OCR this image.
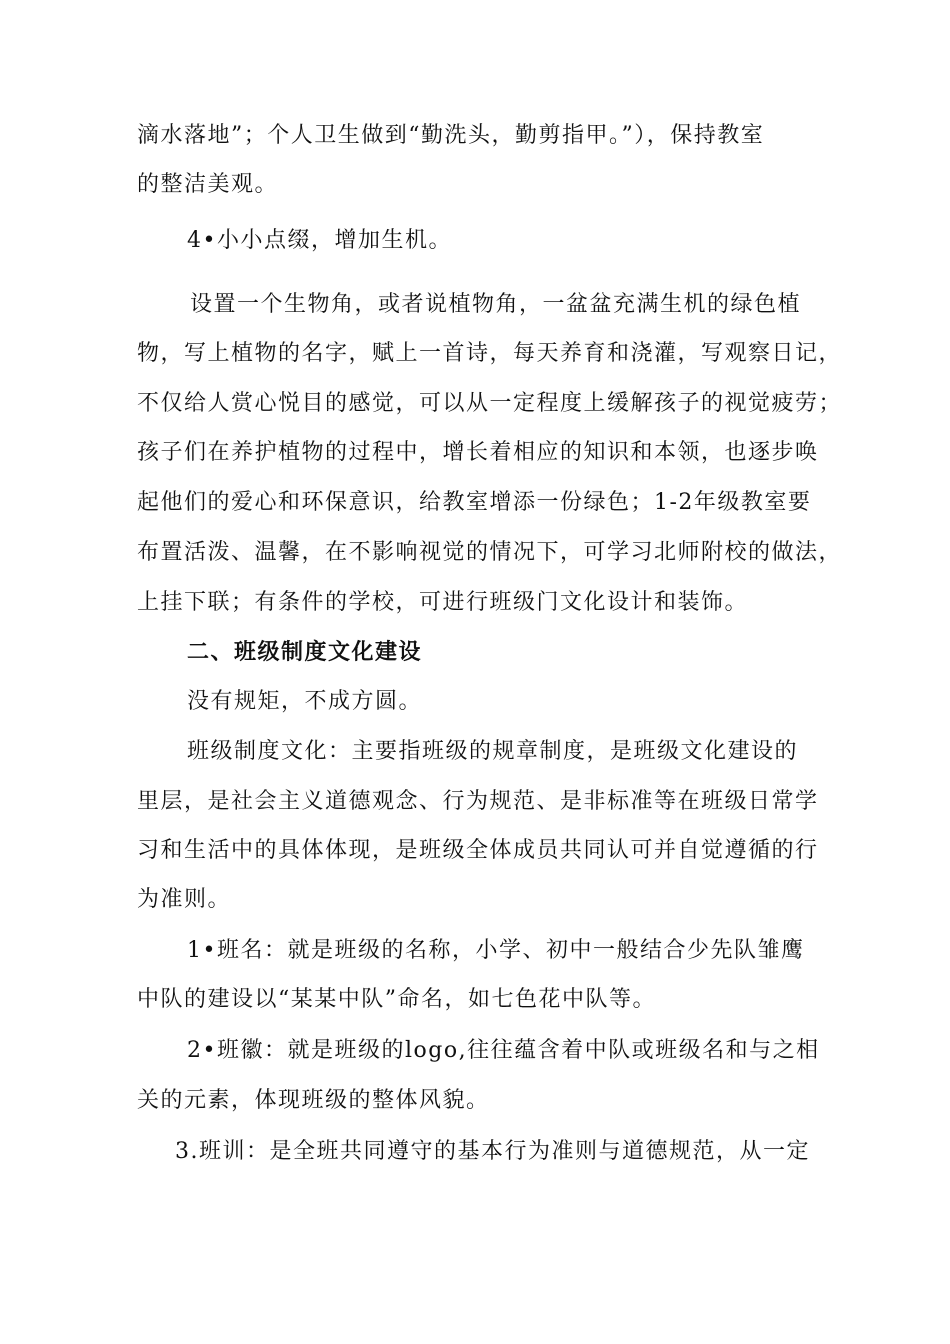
滴水落地”；个人卫生做到“勤洗头，勤剪指甲。”），保持教室
的整洁美观。
4•小小点缀，增加生机。
设置一个生物角，或者说植物角，一盆盆充满生机的绿色植
物，写上植物的名字，赋上一首诗，每天养育和浇灌，写观察日记，
不仅给人赏心悦目的感觉，可以从一定程度上缓解孩子的视觉疲劳；
孩子们在养护植物的过程中，增长着相应的知识和本领，也逐步唤
起他们的爱心和环保意识，给教室增添一份绿色；1-2年级教室要
布置活泼、温馨，在不影响视觉的情况下，可学习北师附校的做法，
上挂下联；有条件的学校，可进行班级门文化设计和装饰。
二、班级制度文化建设
没有规矩，不成方圆。
班级制度文化：主要指班级的规章制度，是班级文化建设的
里层，是社会主义道德观念、行为规范、是非标准等在班级日常学
习和生活中的具体体现，是班级全体成员共同认可并自觉遵循的行
为准则。
1•班名：就是班级的名称，小学、初中一般结合少先队雏鹰
中队的建设以“某某中队”命名，如七色花中队等。
2•班徽：就是班级的logo,往往蕴含着中队或班级名和与之相
关的元素，体现班级的整体风貌。
3.班训：是全班共同遵守的基本行为准则与道德规范，从一定
